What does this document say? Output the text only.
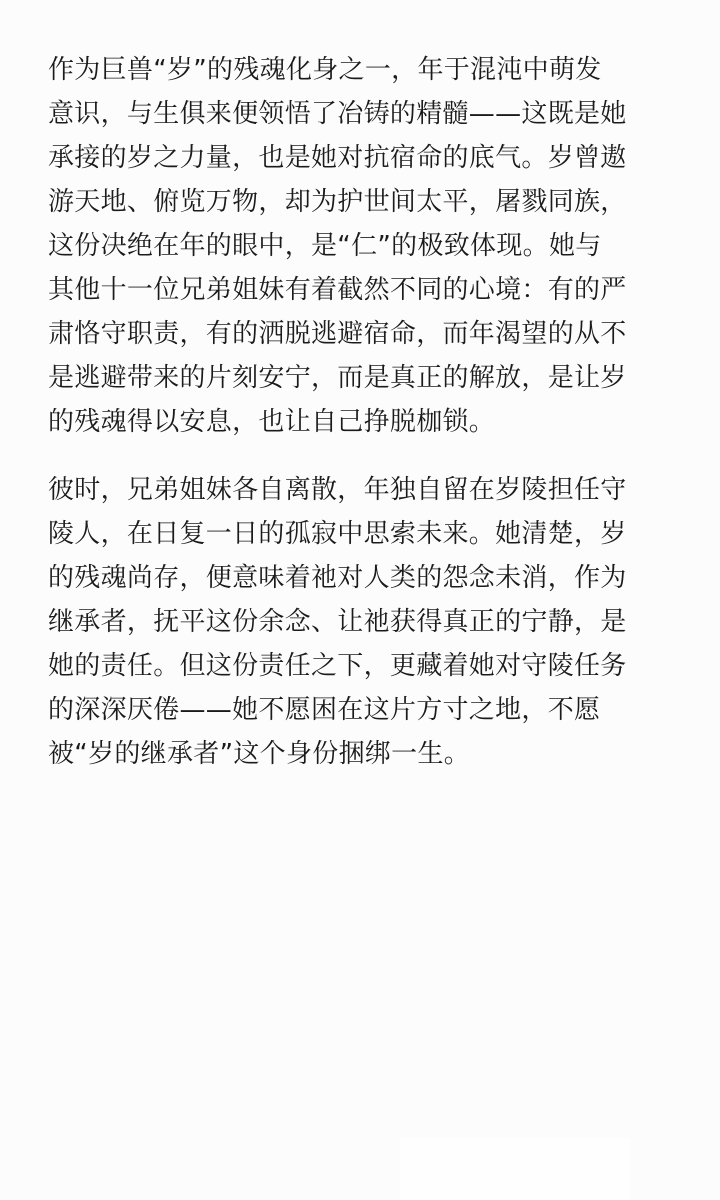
作为巨兽“岁”的残魂化身之一，年于混沌中萌发
意识，与生俱来便领悟了冶铸的精髓——这既是她
承接的岁之力量，也是她对抗宿命的底气。岁曾遨
游天地、俯览万物，却为护世间太平，屠戮同族，
这份决绝在年的眼中，是“仁”的极致体现。她与
其他十一位兄弟姐妹有着截然不同的心境：有的严
肃恪守职责，有的洒脱逃避宿命，而年渴望的从不
是逃避带来的片刻安宁，而是真正的解放，是让岁
的残魂得以安息，也让自己挣脱枷锁。

彼时，兄弟姐妹各自离散，年独自留在岁陵担任守
陵人，在日复一日的孤寂中思索未来。她清楚，岁
的残魂尚存，便意味着祂对人类的怨念未消，作为
继承者，抚平这份余念、让祂获得真正的宁静，是
她的责任。但这份责任之下，更藏着她对守陵任务
的深深厌倦——她不愿困在这片方寸之地，不愿
被“岁的继承者”这个身份捆绑一生。
